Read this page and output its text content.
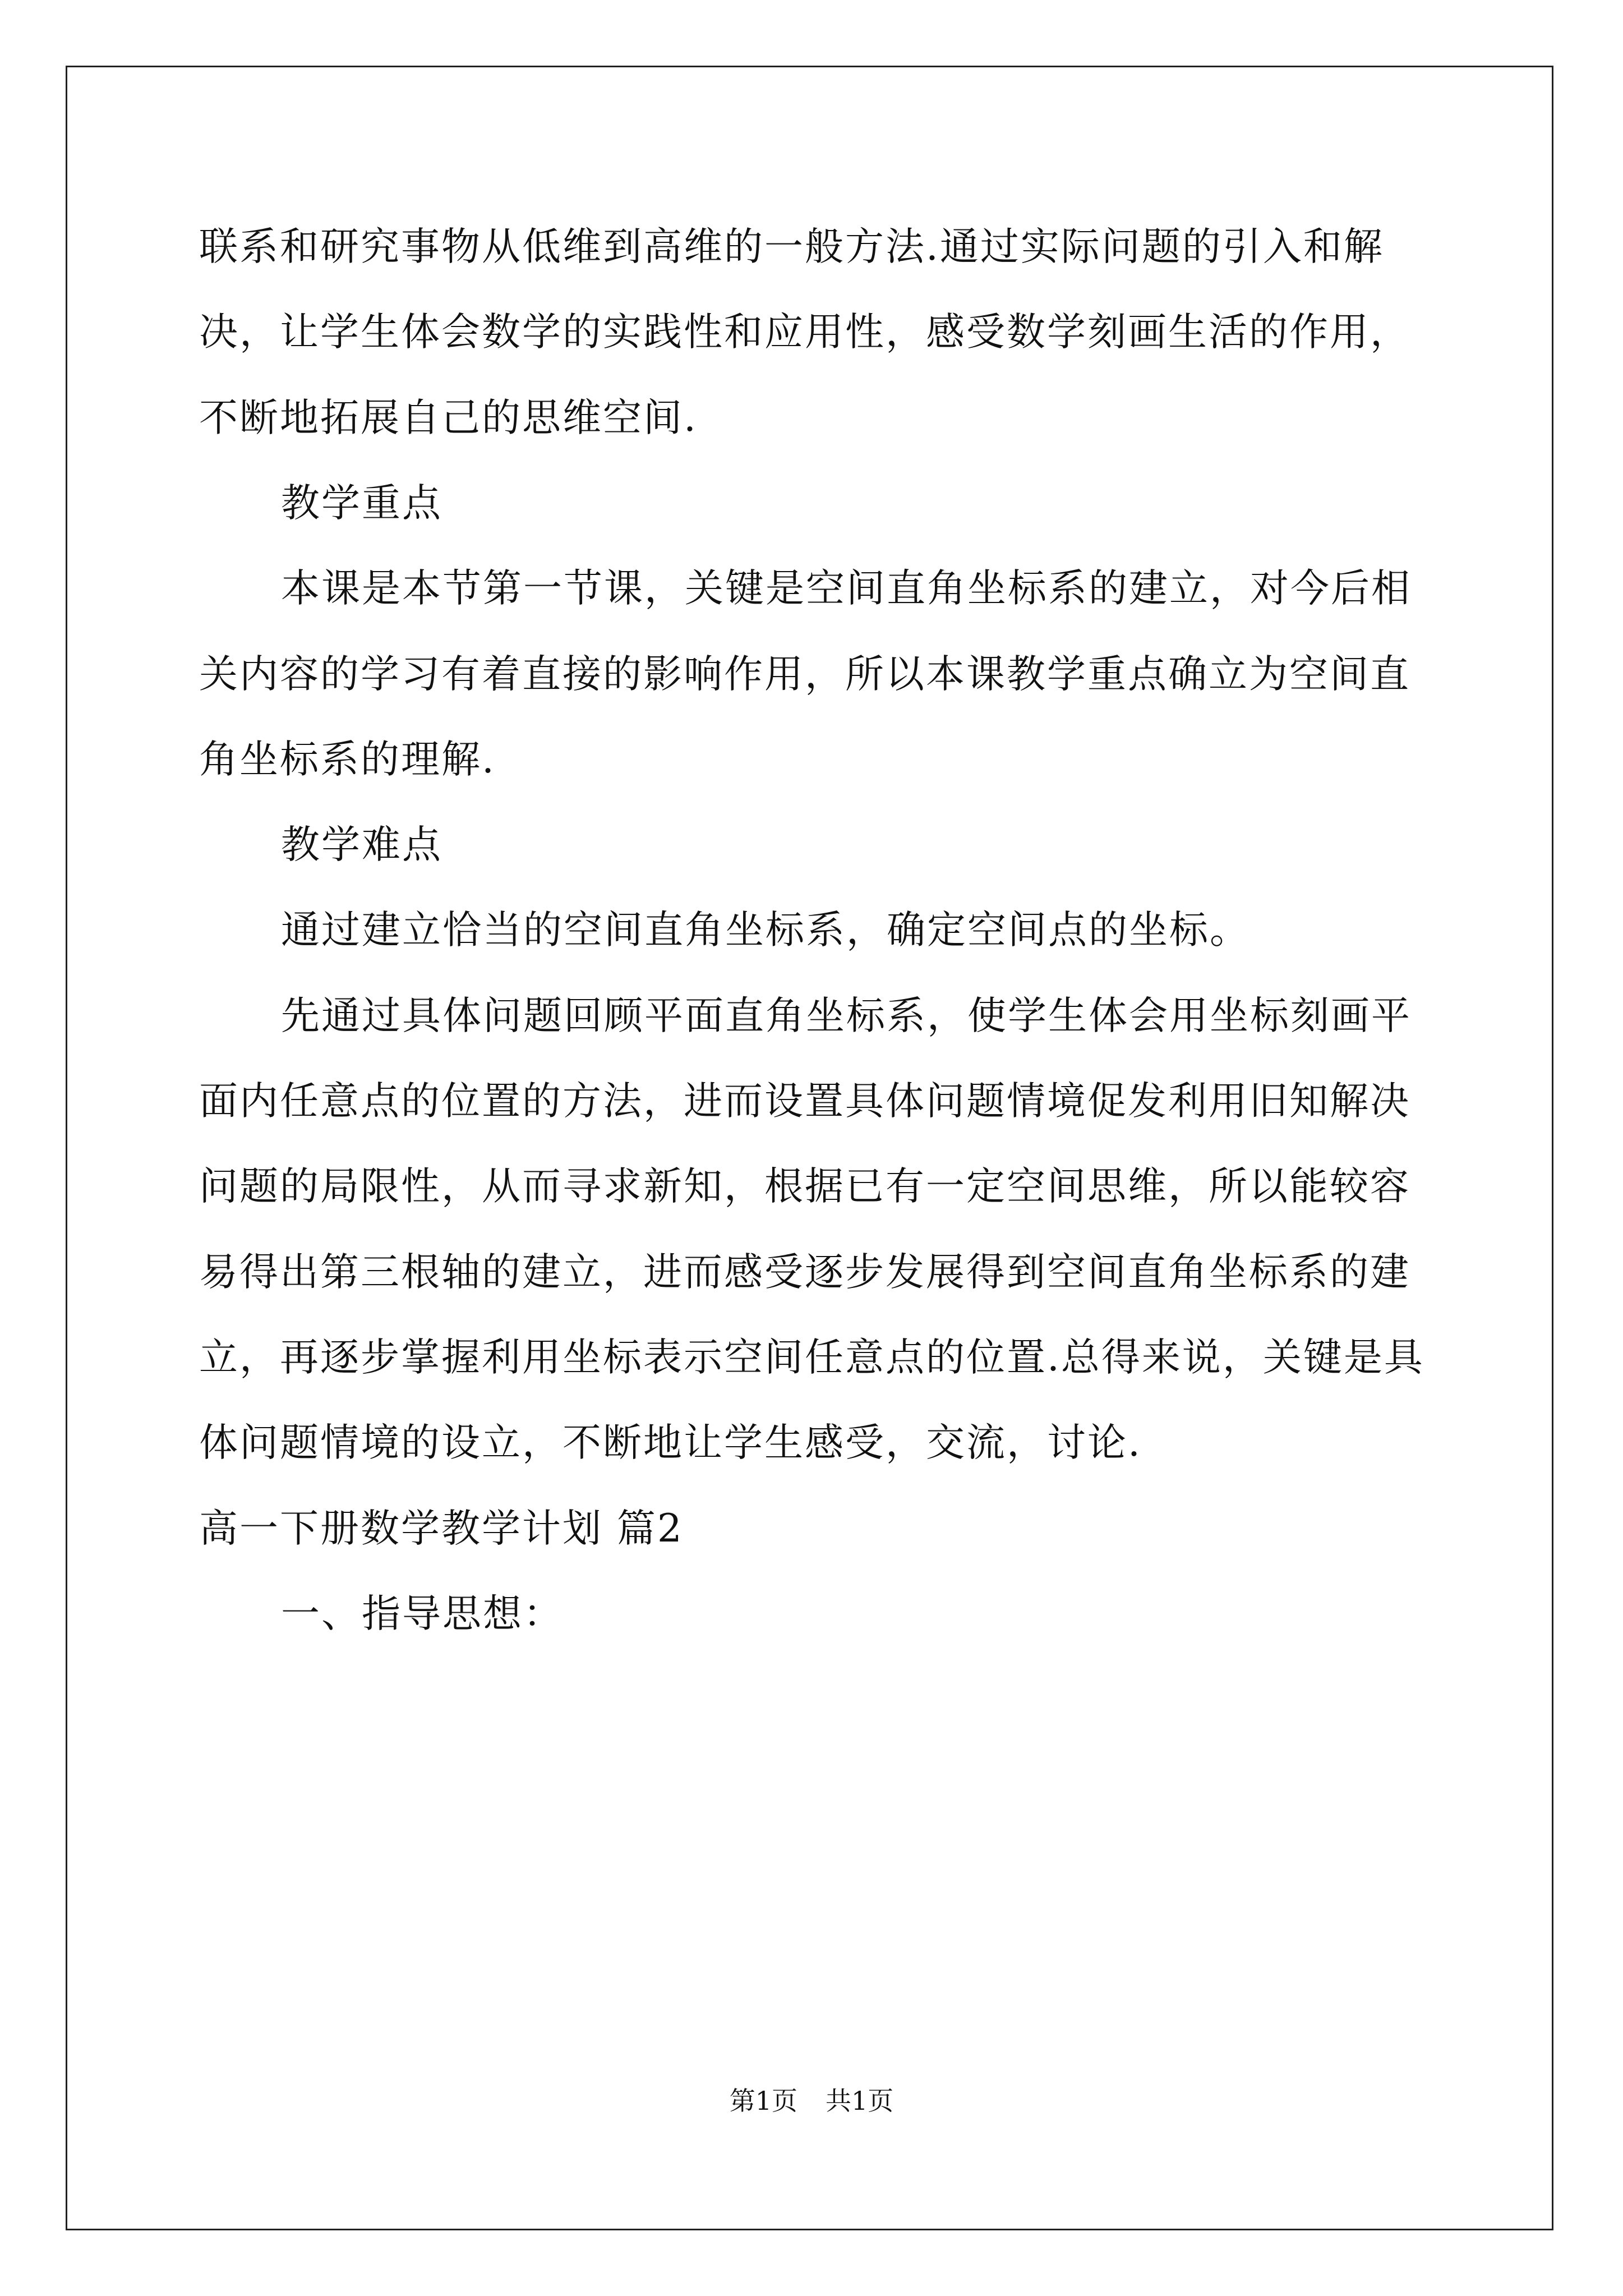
联系和研究事物从低维到高维的一般方法.通过实际问题的引入和解
决，让学生体会数学的实践性和应用性，感受数学刻画生活的作用，
不断地拓展自己的思维空间.
教学重点
本课是本节第一节课，关键是空间直角坐标系的建立，对今后相
关内容的学习有着直接的影响作用，所以本课教学重点确立为空间直
角坐标系的理解.
教学难点
通过建立恰当的空间直角坐标系，确定空间点的坐标。
先通过具体问题回顾平面直角坐标系，使学生体会用坐标刻画平
面内任意点的位置的方法，进而设置具体问题情境促发利用旧知解决
问题的局限性，从而寻求新知，根据已有一定空间思维，所以能较容
易得出第三根轴的建立，进而感受逐步发展得到空间直角坐标系的建
立，再逐步掌握利用坐标表示空间任意点的位置.总得来说，关键是具
体问题情境的设立，不断地让学生感受，交流，讨论.
高一下册数学教学计划 篇2
一、指导思想：
第1页 共1页
